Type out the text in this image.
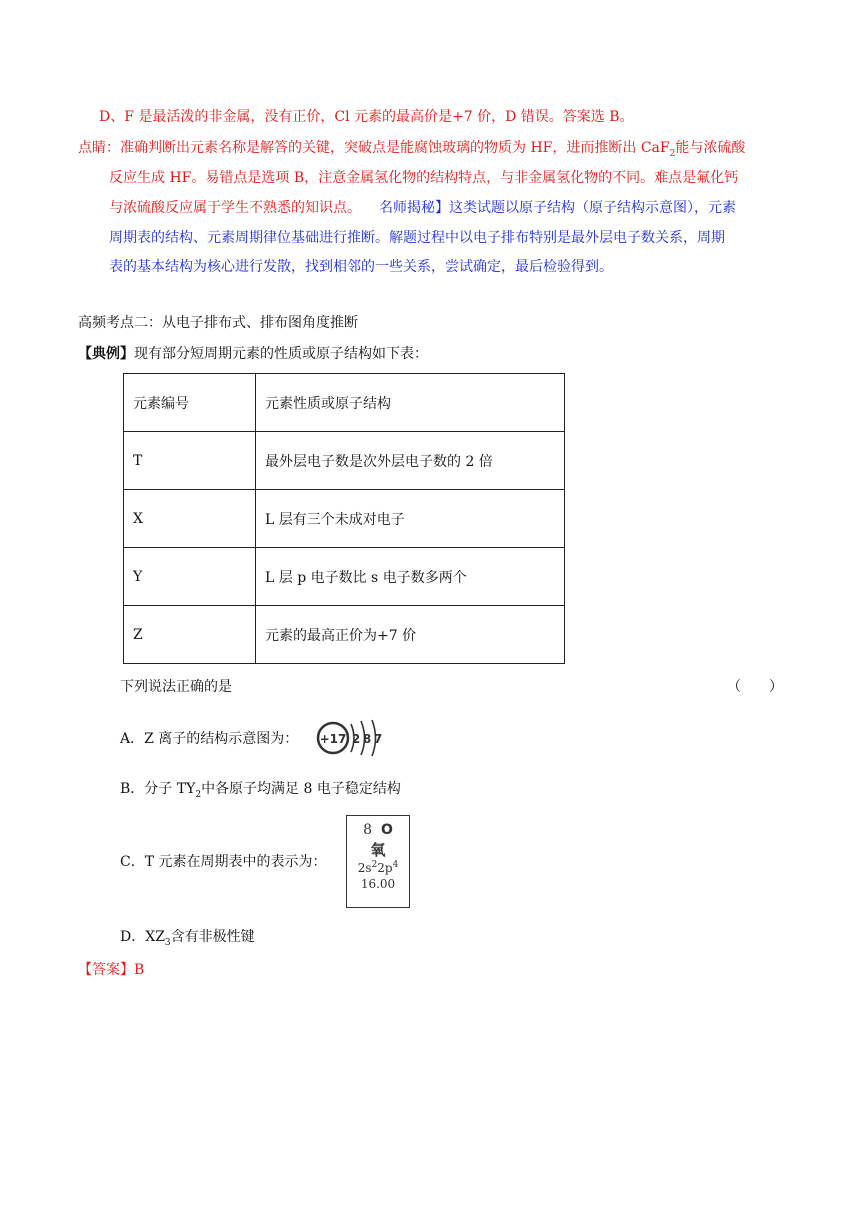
D、F 是最活泼的非金属，没有正价，Cl 元素的最高价是+7 价，D 错误。答案选 B。
点睛：准确判断出元素名称是解答的关键，突破点是能腐蚀玻璃的物质为 HF，进而推断出 CaF$_2$能与浓硫酸
反应生成 HF。易错点是选项 B，注意金属氢化物的结构特点，与非金属氢化物的不同。难点是氟化钙
与浓硫酸反应属于学生不熟悉的知识点。 名师揭秘】这类试题以原子结构（原子结构示意图），元素
周期表的结构、元素周期律位基础进行推断。解题过程中以电子排布特别是最外层电子数关系，周期
表的基本结构为核心进行发散，找到相邻的一些关系，尝试确定，最后检验得到。
高频考点二：从电子排布式、排布图角度推断
【典例】现有部分短周期元素的性质或原子结构如下表：
元素编号	元素性质或原子结构
T	最外层电子数是次外层电子数的 2 倍
X	L 层有三个未成对电子
Y	L 层 p 电子数比 s 电子数多两个
Z	元素的最高正价为+7 价
下列说法正确的是	（ ）
A．Z 离子的结构示意图为： +17 2 8 7
B．分子 $TY_2$中各原子均满足 8 电子稳定结构
C．T 元素在周期表中的表示为：
8 O
氧
$2s^22p^4$
16.00
D．$XZ_3$含有非极性键
【答案】B
